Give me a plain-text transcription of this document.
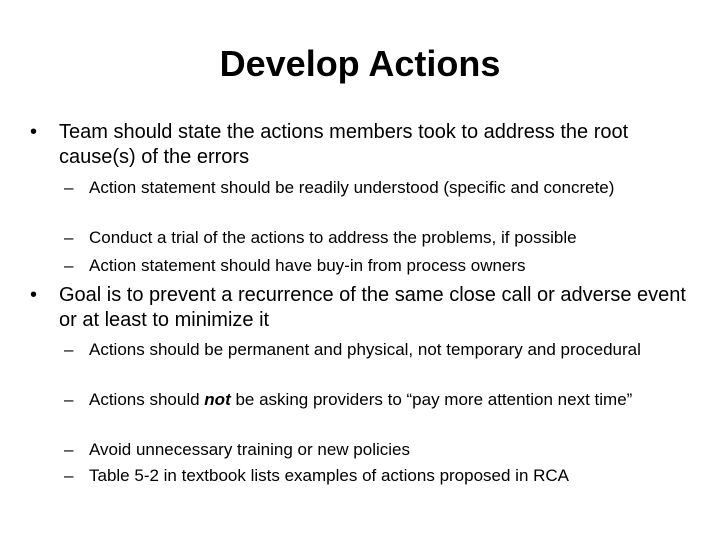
Develop Actions
•	Team should state the actions members took to address the root cause(s) of the errors
– Action statement should be readily understood (specific and concrete)
– Conduct a trial of the actions to address the problems, if possible
– Action statement should have buy-in from process owners
•	Goal is to prevent a recurrence of the same close call or adverse event or at least to minimize it
– Actions should be permanent and physical, not temporary and procedural
– Actions should not be asking providers to “pay more attention next time”
– Avoid unnecessary training or new policies
– Table 5-2 in textbook lists examples of actions proposed in RCA
